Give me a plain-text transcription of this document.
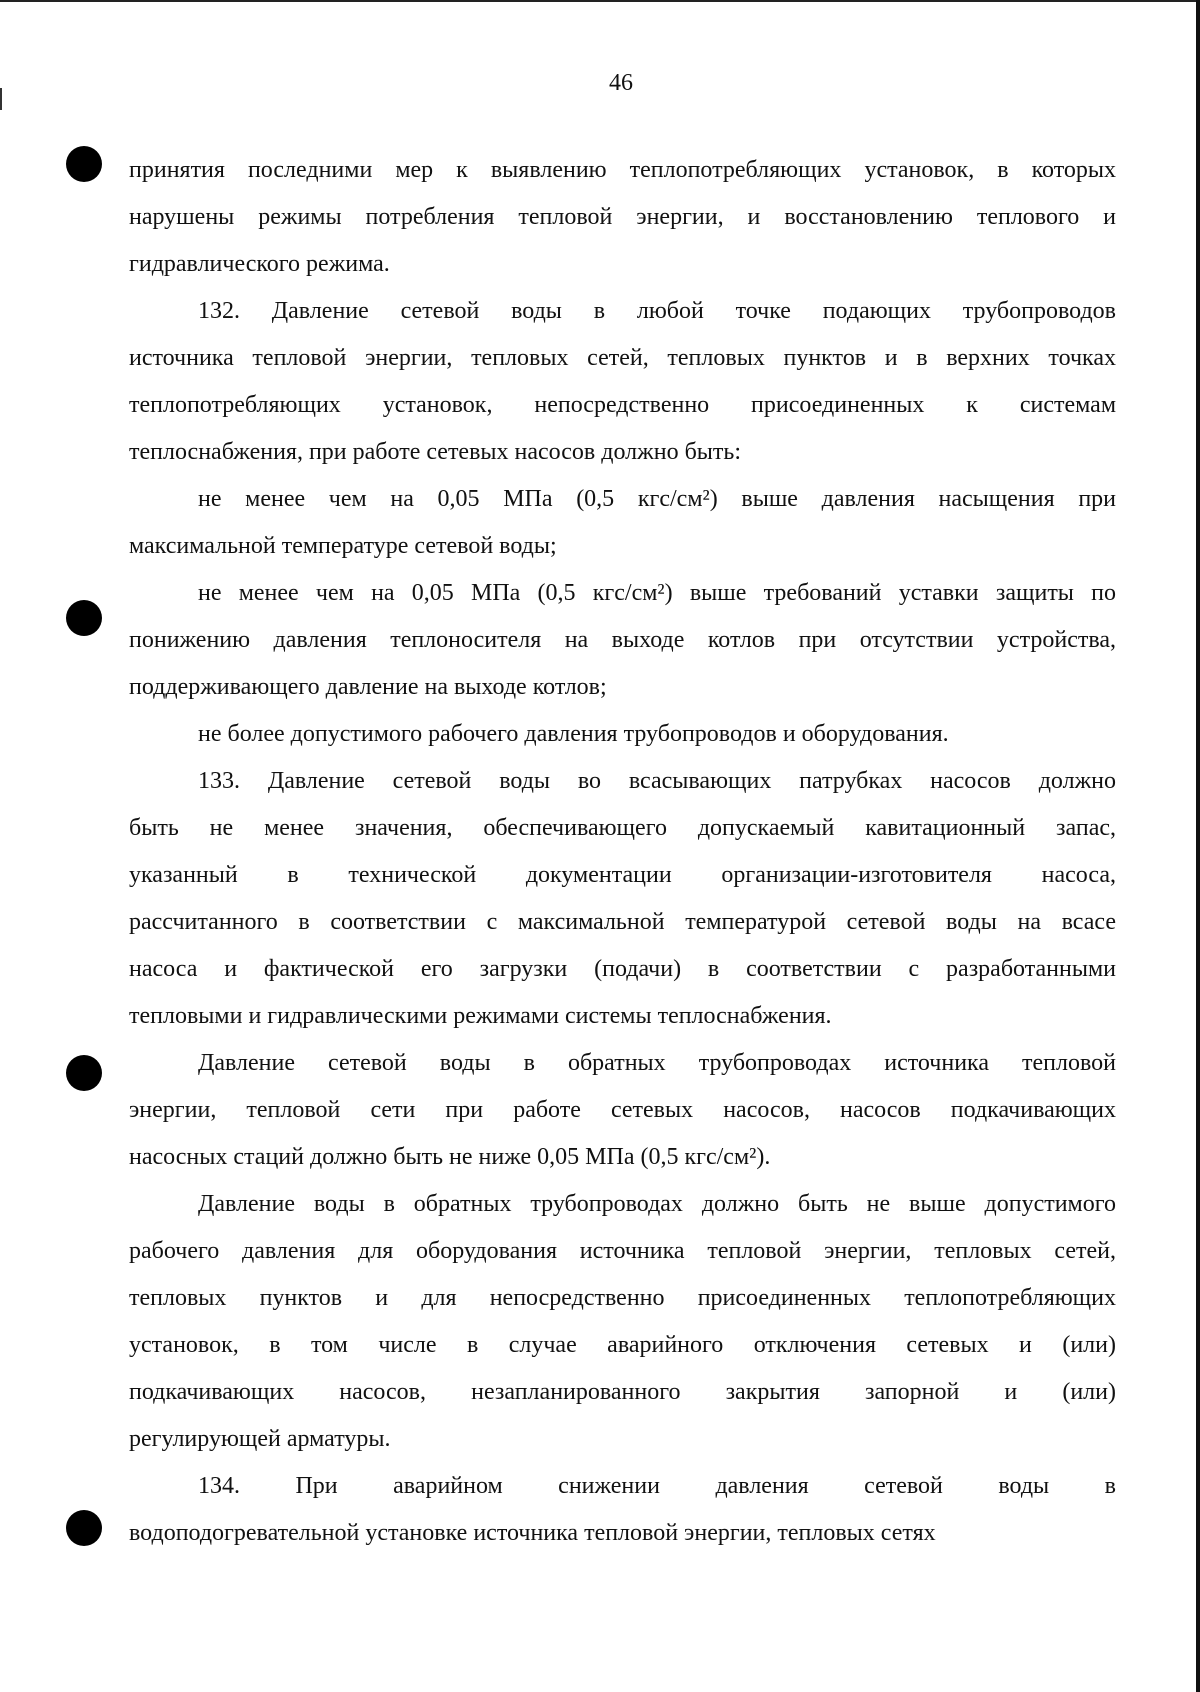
46
принятия последними мер к выявлению теплопотребляющих установок, в которых
нарушены режимы потребления тепловой энергии, и восстановлению теплового и
гидравлического режима.
132. Давление сетевой воды в любой точке подающих трубопроводов
источника тепловой энергии, тепловых сетей, тепловых пунктов и в верхних точках
теплопотребляющих установок, непосредственно присоединенных к системам
теплоснабжения, при работе сетевых насосов должно быть:
не менее чем на 0,05 МПа (0,5 кгс/см²) выше давления насыщения при
максимальной температуре сетевой воды;
не менее чем на 0,05 МПа (0,5 кгс/см²) выше требований уставки защиты по
понижению давления теплоносителя на выходе котлов при отсутствии устройства,
поддерживающего давление на выходе котлов;
не более допустимого рабочего давления трубопроводов и оборудования.
133. Давление сетевой воды во всасывающих патрубках насосов должно
быть не менее значения, обеспечивающего допускаемый кавитационный запас,
указанный в технической документации организации-изготовителя насоса,
рассчитанного в соответствии с максимальной температурой сетевой воды на всасе
насоса и фактической его загрузки (подачи) в соответствии с разработанными
тепловыми и гидравлическими режимами системы теплоснабжения.
Давление сетевой воды в обратных трубопроводах источника тепловой
энергии, тепловой сети при работе сетевых насосов, насосов подкачивающих
насосных стаций должно быть не ниже 0,05 МПа (0,5 кгс/см²).
Давление воды в обратных трубопроводах должно быть не выше допустимого
рабочего давления для оборудования источника тепловой энергии, тепловых сетей,
тепловых пунктов и для непосредственно присоединенных теплопотребляющих
установок, в том числе в случае аварийного отключения сетевых и (или)
подкачивающих насосов, незапланированного закрытия запорной и (или)
регулирующей арматуры.
134. При аварийном снижении давления сетевой воды в
водоподогревательной установке источника тепловой энергии, тепловых сетях
